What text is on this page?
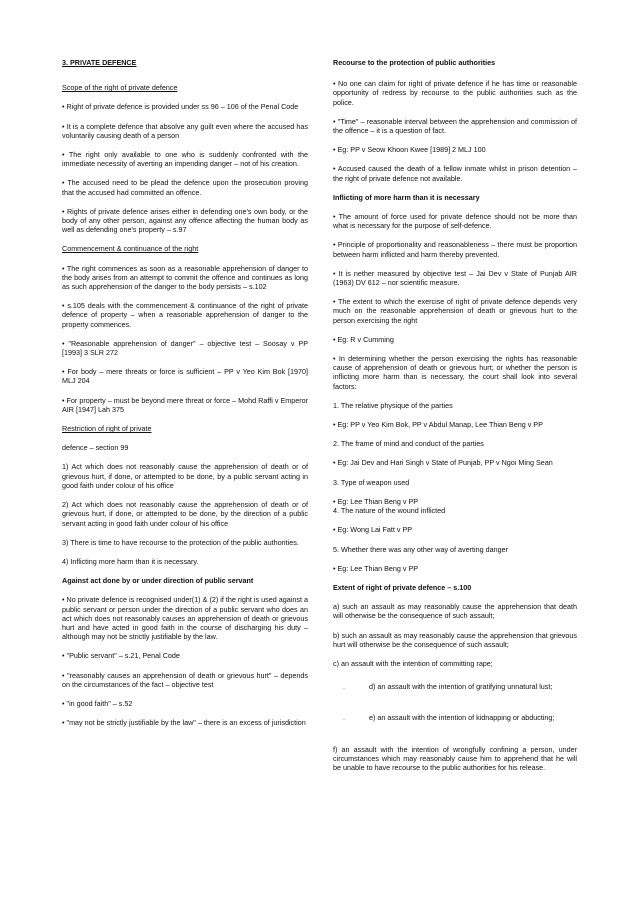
3. PRIVATE DEFENCE

Scope of the right of private defence

• Right of private defence is provided under ss 96 – 106 of the Penal Code

• It is a complete defence that absolve any guilt even where the accused has voluntarily causing death of a person

• The right only available to one who is suddenly confronted with the immediate necessity of averting an impending danger – not of his creation.

• The accused need to be plead the defence upon the prosecution proving that the accused had committed an offence.

• Rights of private defence arises either in defending one's own body, or the body of any other person, against any offence affecting the human body as well as defending one's property – s.97

Commencement & continuance of the right

• The right commences as soon as a reasonable apprehension of danger to the body arises from an attempt to commit the offence and continues as long as such apprehension of the danger to the body persists – s.102

• s.105 deals with the commencement & continuance of the right of private defence of property – when a reasonable apprehension of danger to the property commences.

• "Reasonable apprehension of danger" – objective test – Soosay v PP [1993] 3 SLR 272

• For body – mere threats or force is sufficient – PP v Yeo Kim Bok [1970] MLJ 204

• For property – must be beyond mere threat or force – Mohd Raffi v Emperor AIR [1947] Lah 375

Restriction of right of private

defence – section 99

1) Act which does not reasonably cause the apprehension of death or of grievous hurt, if done, or attempted to be done, by a public servant acting in good faith under colour of his office

2) Act which does not reasonably cause the apprehension of death or of grievous hurt, if done, or attempted to be done, by the direction of a public servant acting in good faith under colour of his office

3) There is time to have recourse to the protection of the public authorities.

4) Inflicting more harm than it is necessary.

Against act done by or under direction of public servant

• No private defence is recognised under(1) & (2) if the right is used against a public servant or person under the direction of a public servant who does an act which does not reasonably causes an apprehension of death or grievous hurt and have acted in good faith in the course of discharging his duty – although may not be strictly justifiable by the law.

• "Public servant" – s.21, Penal Code

• "reasonably causes an apprehension of death or grievous hurt" – depends on the circumstances of the fact – objective test

• "in good faith" – s.52

• "may not be strictly justifiable by the law" – there is an excess of jurisdiction

Recourse to the protection of public authorities

• No one can claim for right of private defence if he has time or reasonable opportunity of redress by recourse to the public authorities such as the police.

• "Time" – reasonable interval between the apprehension and commission of the offence – it is a question of fact.

• Eg: PP v Seow Khoon Kwee [1989] 2 MLJ 100

• Accused caused the death of a fellow inmate whilst in prison detention – the right of private defence not available.

Inflicting of more harm than it is necessary

• The amount of force used for private defence should not be more than what is necessary for the purpose of self-defence.

• Principle of proportionality and reasonableness – there must be proportion between harm inflicted and harm thereby prevented.

• It is nether measured by objective test – Jai Dev v State of Punjab AIR (1963) DV 612 – nor scientific measure.

• The extent to which the exercise of right of private defence depends very much on the reasonable apprehension of death or grievous hurt to the person exercising the right

• Eg: R v Cumming

• In determining whether the person exercising the rights has reasonable cause of apprehension of death or grievous hurt; or whether the person is inflicting more harm than is necessary, the court shall look into several factors:

1. The relative physique of the parties

• Eg: PP v Yeo Kim Bok, PP v Abdul Manap, Lee Thian Beng v PP

2. The frame of mind and conduct of the parties

• Eg: Jai Dev and Hari Singh v State of Punjab, PP v Ngoi Ming Sean

3. Type of weapon used

• Eg: Lee Thian Beng v PP

4. The nature of the wound inflicted

• Eg: Wong Lai Fatt v PP

5. Whether there was any other way of averting danger

• Eg: Lee Thian Beng v PP

Extent of right of private defence – s.100

a) such an assault as may reasonably cause the apprehension that death will otherwise be the consequence of such assault;

b) such an assault as may reasonably cause the apprehension that grievous hurt will otherwise be the consequence of such assault;

c) an assault with the intention of committing rape;

.	d) an assault with the intention of gratifying unnatural lust;

.	e) an assault with the intention of kidnapping or abducting;

f) an assault with the intention of wrongfully confining a person, under circumstances which may reasonably cause him to apprehend that he will be unable to have recourse to the public authorities for his release.
